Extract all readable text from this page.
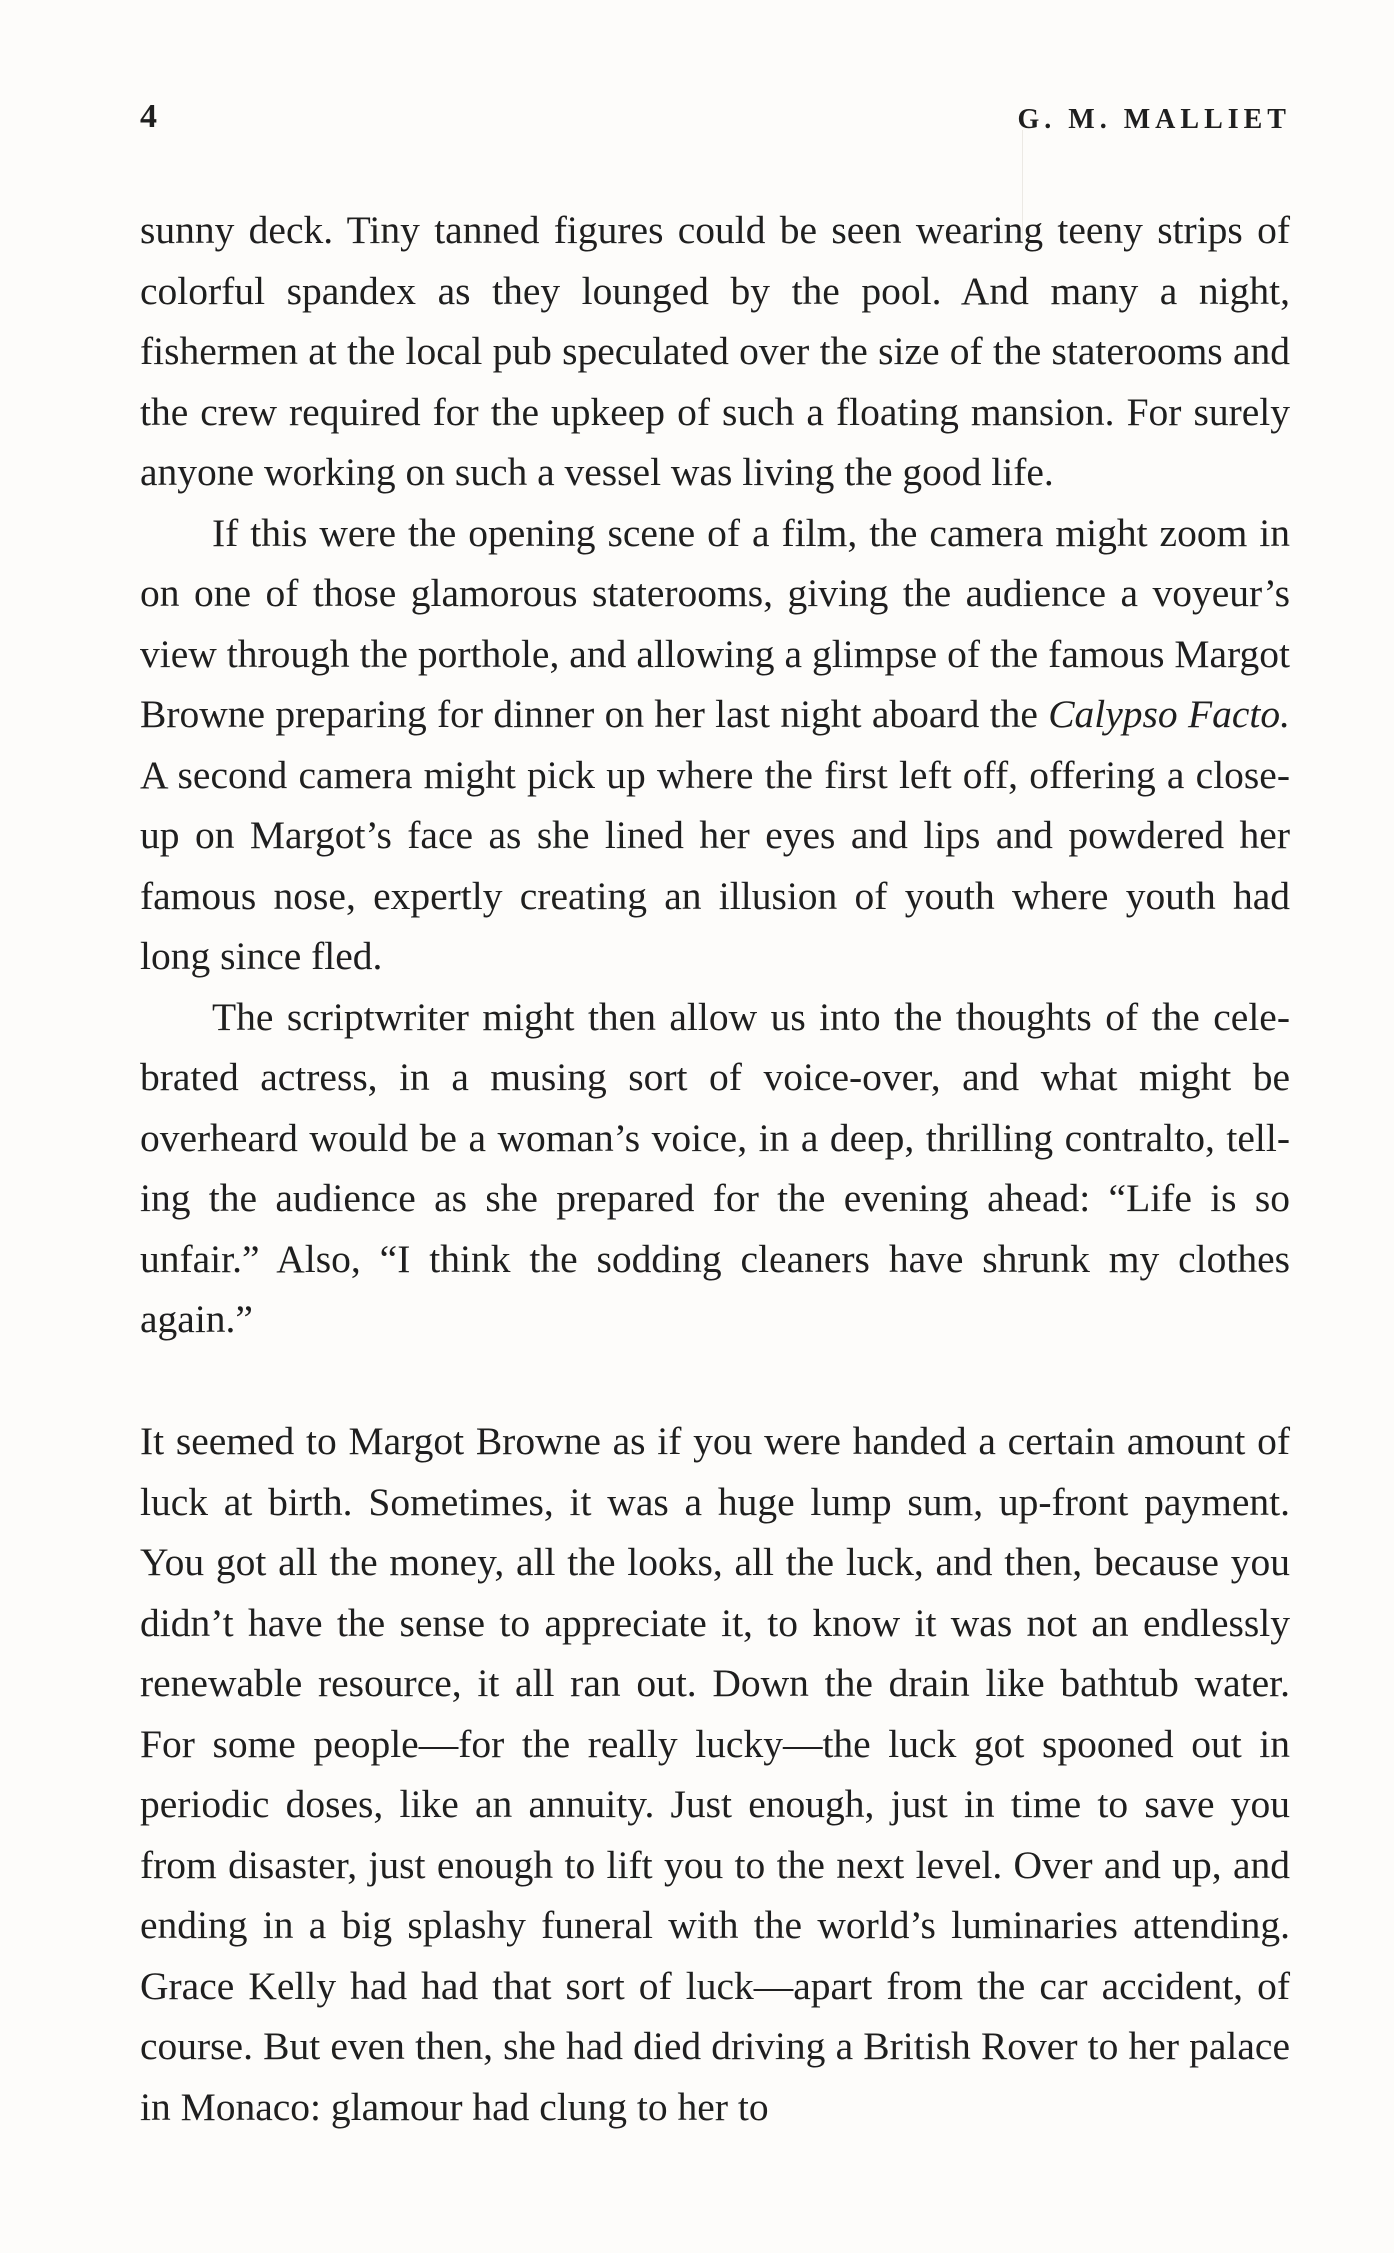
4	G. M. MALLIET

sunny deck. Tiny tanned figures could be seen wearing teeny strips of colorful spandex as they lounged by the pool. And many a night, fishermen at the local pub speculated over the size of the staterooms and the crew required for the upkeep of such a floating mansion. For surely anyone working on such a vessel was living the good life.

If this were the opening scene of a film, the camera might zoom in on one of those glamorous staterooms, giving the audience a voyeur’s view through the porthole, and allowing a glimpse of the famous Margot Browne preparing for dinner on her last night aboard the Calypso Facto. A second camera might pick up where the first left off, offering a close-up on Margot’s face as she lined her eyes and lips and powdered her famous nose, expertly creating an illusion of youth where youth had long since fled.

The scriptwriter might then allow us into the thoughts of the celebrated actress, in a musing sort of voice-over, and what might be overheard would be a woman’s voice, in a deep, thrilling contralto, telling the audience as she prepared for the evening ahead: “Life is so unfair.” Also, “I think the sodding cleaners have shrunk my clothes again.”

It seemed to Margot Browne as if you were handed a certain amount of luck at birth. Sometimes, it was a huge lump sum, up-front payment. You got all the money, all the looks, all the luck, and then, because you didn’t have the sense to appreciate it, to know it was not an endlessly renewable resource, it all ran out. Down the drain like bathtub water. For some people—for the really lucky—the luck got spooned out in periodic doses, like an annuity. Just enough, just in time to save you from disaster, just enough to lift you to the next level. Over and up, and ending in a big splashy funeral with the world’s luminaries attending. Grace Kelly had had that sort of luck—apart from the car accident, of course. But even then, she had died driving a British Rover to her palace in Monaco: glamour had clung to her to
